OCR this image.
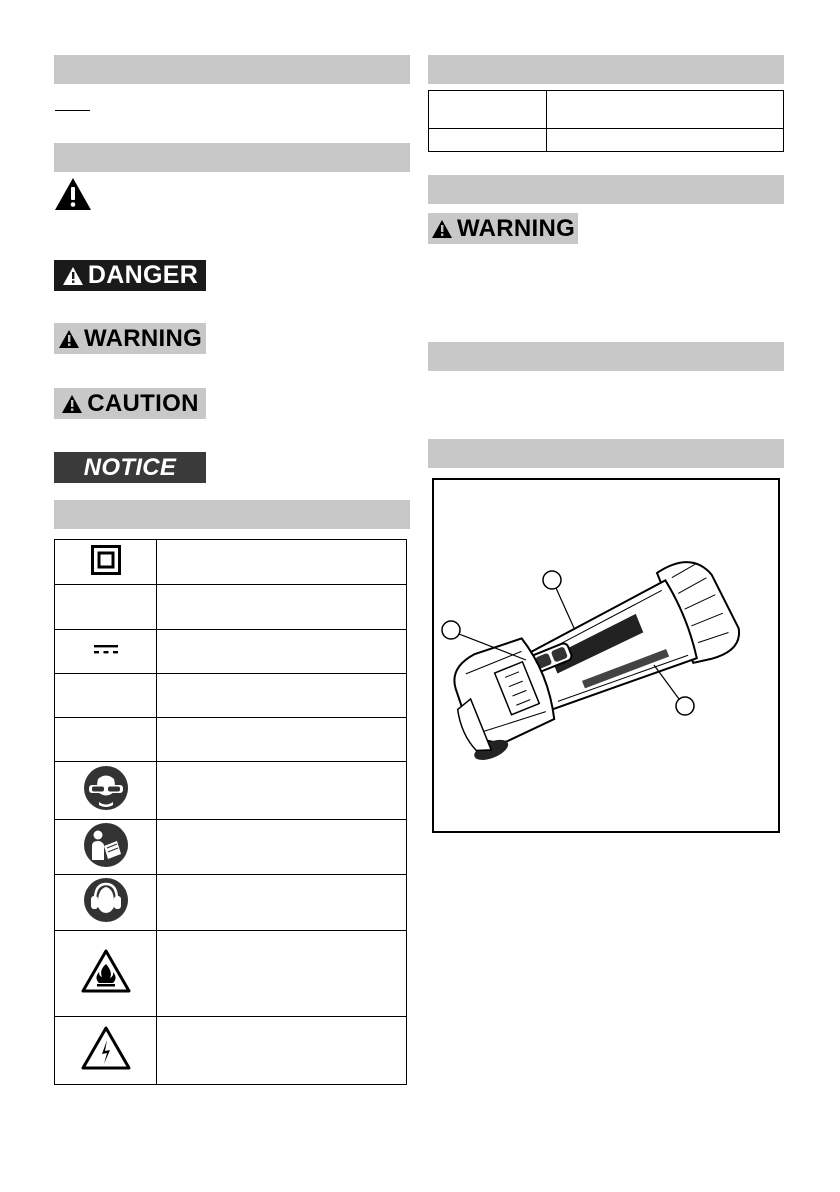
DANGER
WARNING
CAUTION
NOTICE

WARNING
